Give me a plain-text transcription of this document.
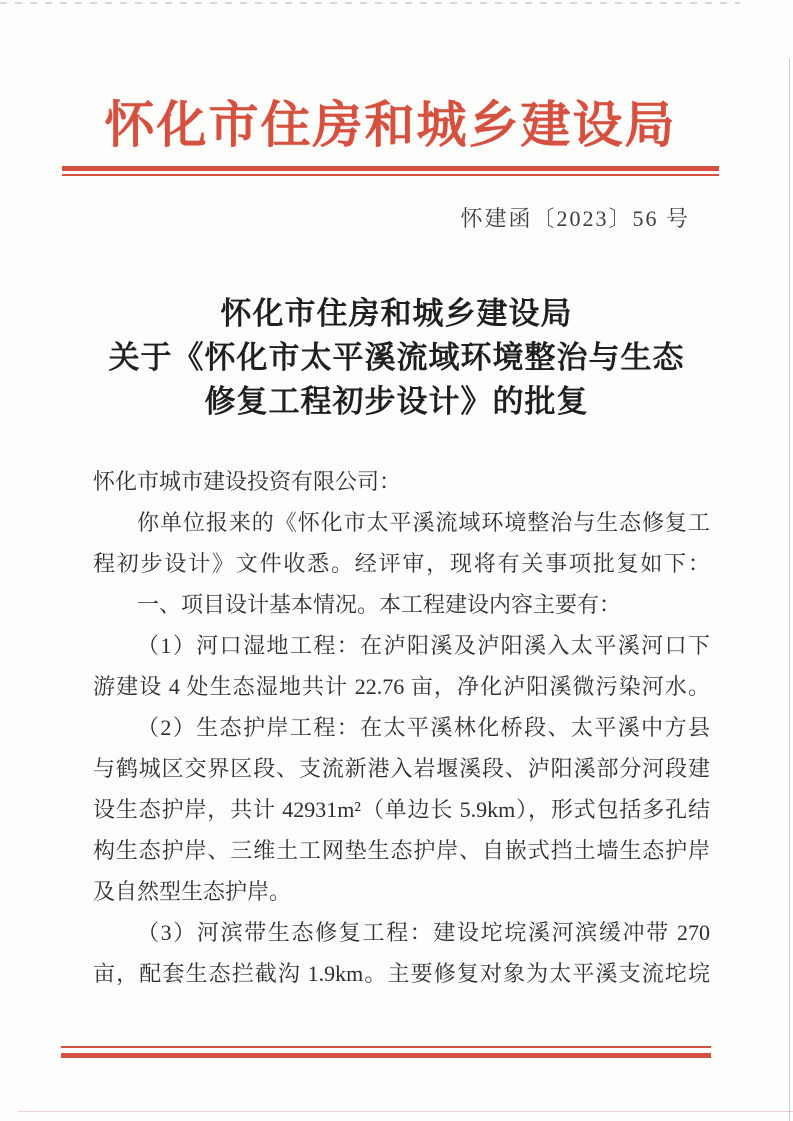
怀化市住房和城乡建设局
怀建函〔2023〕56 号
怀化市住房和城乡建设局
关于《怀化市太平溪流域环境整治与生态
修复工程初步设计》的批复
怀化市城市建设投资有限公司：
你单位报来的《怀化市太平溪流域环境整治与生态修复工
程初步设计》文件收悉。经评审，现将有关事项批复如下：
一、项目设计基本情况。本工程建设内容主要有：
（1）河口湿地工程：在泸阳溪及泸阳溪入太平溪河口下
游建设 4 处生态湿地共计 22.76 亩，净化泸阳溪微污染河水。
（2）生态护岸工程：在太平溪林化桥段、太平溪中方县
与鹤城区交界区段、支流新港入岩堰溪段、泸阳溪部分河段建
设生态护岸，共计 42931m²（单边长 5.9km），形式包括多孔结
构生态护岸、三维土工网垫生态护岸、自嵌式挡土墙生态护岸
及自然型生态护岸。
（3）河滨带生态修复工程：建设坨垸溪河滨缓冲带 270
亩，配套生态拦截沟 1.9km。主要修复对象为太平溪支流坨垸
